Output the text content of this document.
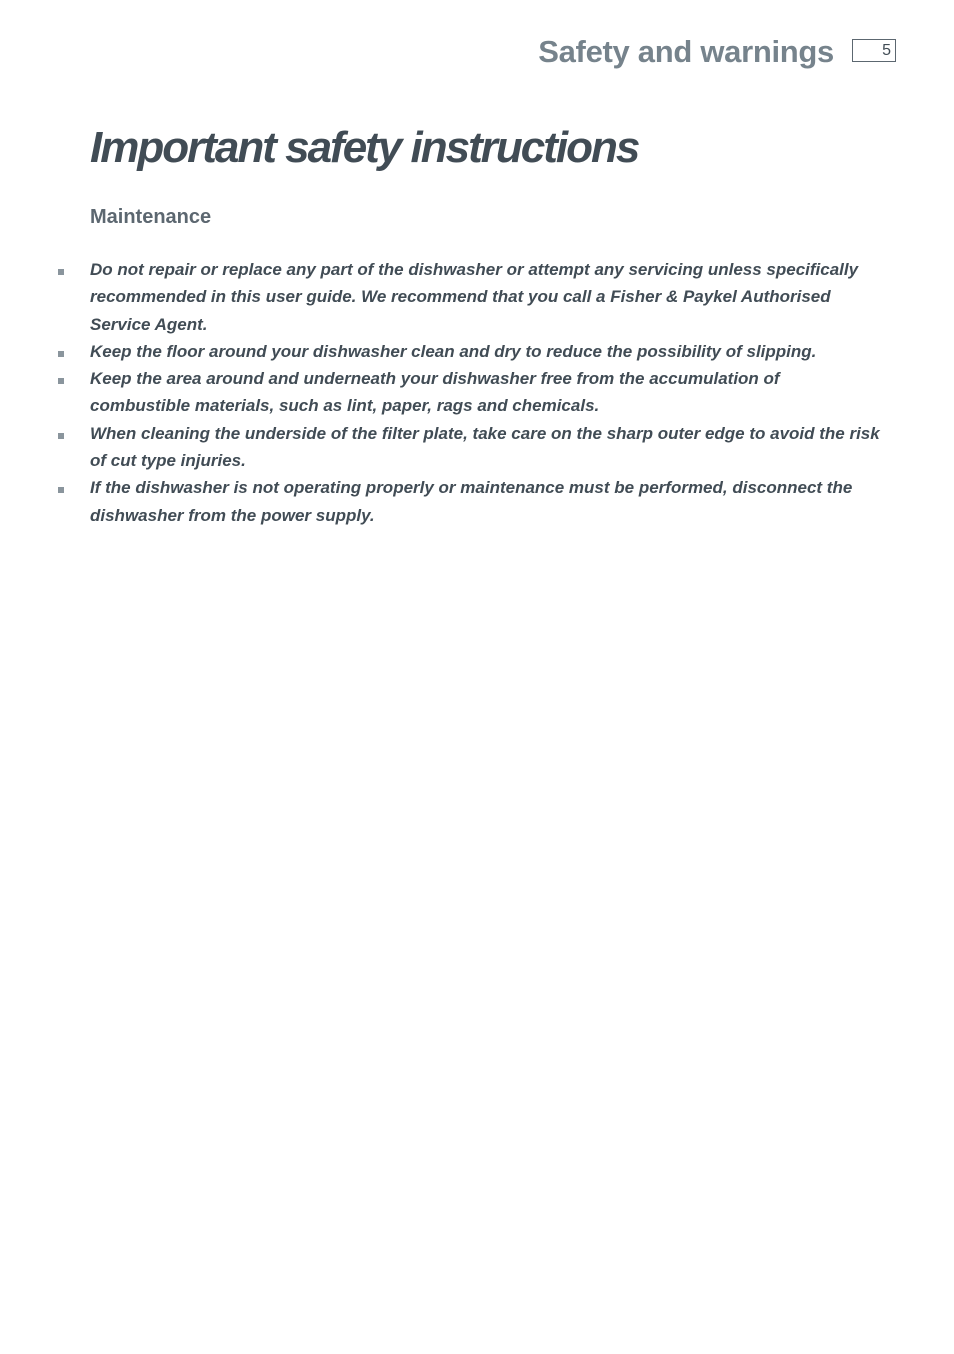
Safety and warnings	5
Important safety instructions
Maintenance
Do not repair or replace any part of the dishwasher or attempt any servicing unless specifically recommended in this user guide. We recommend that you call a Fisher & Paykel Authorised Service Agent.
Keep the floor around your dishwasher clean and dry to reduce the possibility of slipping.
Keep the area around and underneath your dishwasher free from the accumulation of combustible materials, such as lint, paper, rags and chemicals.
When cleaning the underside of the filter plate, take care on the sharp outer edge to avoid the risk of cut type injuries.
If the dishwasher is not operating properly or maintenance must be performed, disconnect the dishwasher from the power supply.
